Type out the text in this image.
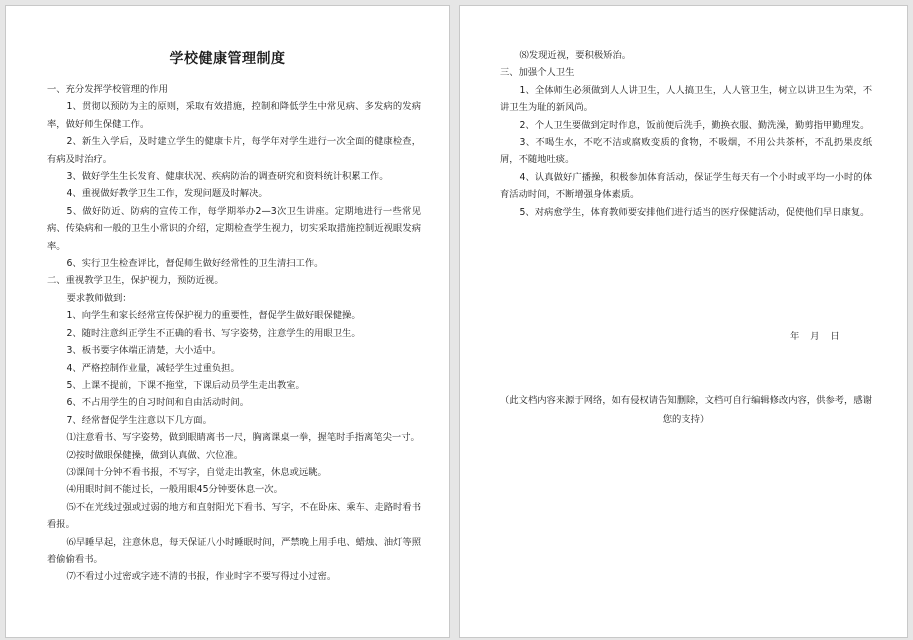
学校健康管理制度

一、充分发挥学校管理的作用

1、贯彻以预防为主的原则，采取有效措施，控制和降低学生中常见病、多发病的发病率，做好师生保健工作。

2、新生入学后，及时建立学生的健康卡片，每学年对学生进行一次全面的健康检查，有病及时治疗。

3、做好学生生长发育、健康状况、疾病防治的调查研究和资料统计积累工作。

4、重视做好教学卫生工作，发现问题及时解决。

5、做好防近、防病的宣传工作，每学期举办2—3次卫生讲座。定期地进行一些常见病、传染病和一般的卫生小常识的介绍，定期检查学生视力，切实采取措施控制近视眼发病率。

6、实行卫生检查评比，督促师生做好经常性的卫生清扫工作。

二、重视教学卫生，保护视力，预防近视。

要求教师做到：

1、向学生和家长经常宣传保护视力的重要性，督促学生做好眼保健操。

2、随时注意纠正学生不正确的看书、写字姿势，注意学生的用眼卫生。

3、板书要字体端正清楚，大小适中。

4、严格控制作业量，减轻学生过重负担。

5、上课不提前，下课不拖堂，下课后动员学生走出教室。

6、不占用学生的自习时间和自由活动时间。

7、经常督促学生注意以下几方面。

⑴注意看书、写字姿势，做到眼睛离书一尺，胸离课桌一拳，握笔时手指离笔尖一寸。

⑵按时做眼保健操，做到认真做、穴位准。

⑶课间十分钟不看书报，不写字，自觉走出教室，休息或远眺。

⑷用眼时间不能过长，一般用眼45分钟要休息一次。

⑸不在光线过强或过弱的地方和直射阳光下看书、写字，不在卧床、乘车、走路时看书看报。

⑹早睡早起，注意休息，每天保证八小时睡眠时间，严禁晚上用手电、蜡烛、油灯等照着偷偷看书。

⑺不看过小过密或字迹不清的书报，作业时字不要写得过小过密。

⑻发现近视，要积极矫治。

三、加强个人卫生

1、全体师生必须做到人人讲卫生，人人搞卫生，人人管卫生，树立以讲卫生为荣，不讲卫生为耻的新风尚。

2、个人卫生要做到定时作息，饭前便后洗手，勤换衣服、勤洗澡，勤剪指甲勤理发。

3、不喝生水，不吃不洁或腐败变质的食物，不吸烟，不用公共茶杯，不乱扔果皮纸屑，不随地吐痰。

4、认真做好广播操，积极参加体育活动，保证学生每天有一个小时或平均一小时的体育活动时间，不断增强身体素质。

5、对病愈学生，体育教师要安排他们进行适当的医疗保健活动，促使他们早日康复。

年 月 日
（此文档内容来源于网络，如有侵权请告知删除，文档可自行编辑修改内容，供参考，感谢您的支持）
